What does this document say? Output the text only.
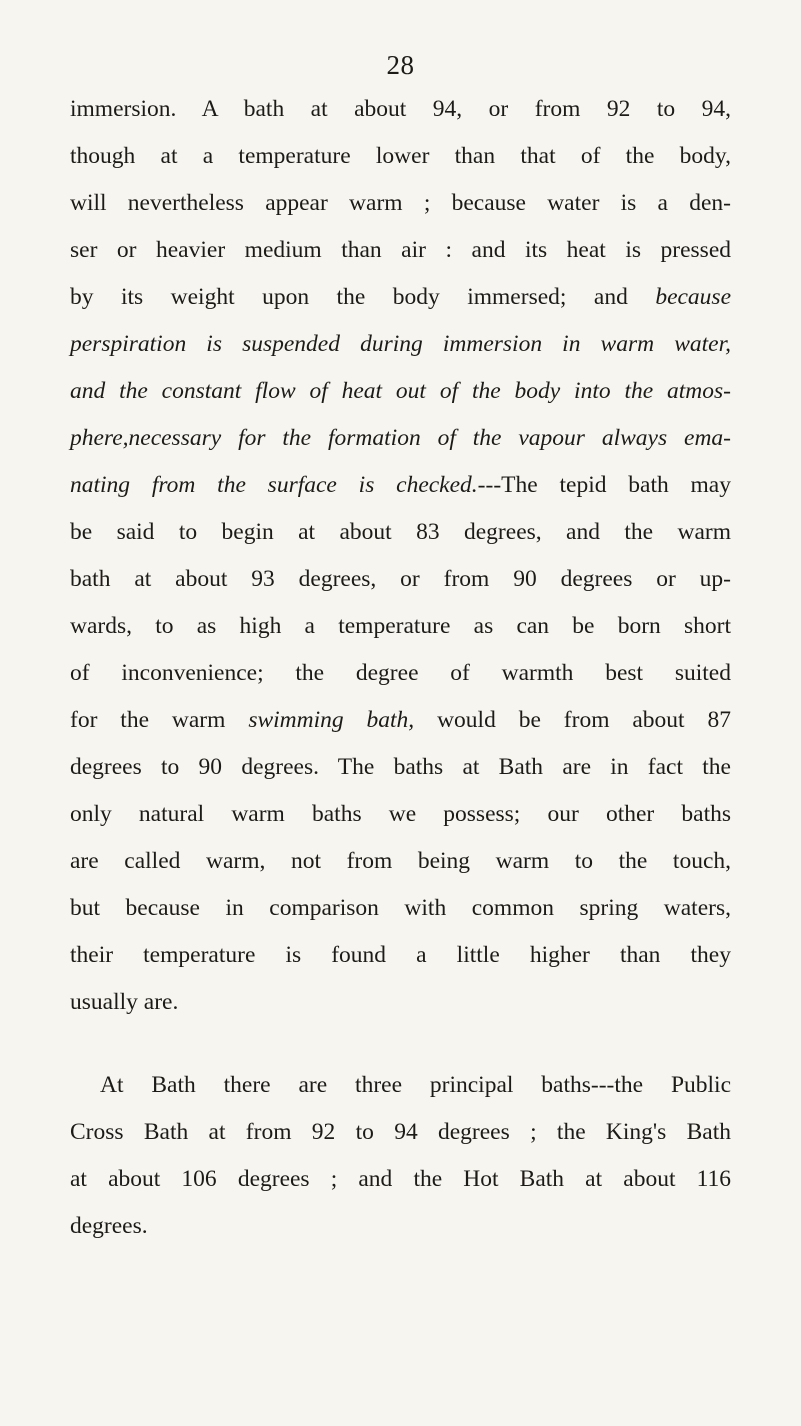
28
immersion. A bath at about 94, or from 92 to 94,
though at a temperature lower than that of the body,
will nevertheless appear warm ; because water is a den-
ser or heavier medium than air : and its heat is pressed
by its weight upon the body immersed; and because
perspiration is suspended during immersion in warm water,
and the constant flow of heat out of the body into the atmos-
phere,necessary for the formation of the vapour always ema-
nating from the surface is checked.---The tepid bath may
be said to begin at about 83 degrees, and the warm
bath at about 93 degrees, or from 90 degrees or up-
wards, to as high a temperature as can be born short
of inconvenience; the degree of warmth best suited
for the warm swimming bath, would be from about 87
degrees to 90 degrees. The baths at Bath are in fact the
only natural warm baths we possess; our other baths
are called warm, not from being warm to the touch,
but because in comparison with common spring waters,
their temperature is found a little higher than they
usually are.
At Bath there are three principal baths---the Public
Cross Bath at from 92 to 94 degrees ; the King's Bath
at about 106 degrees ; and the Hot Bath at about 116
degrees.
